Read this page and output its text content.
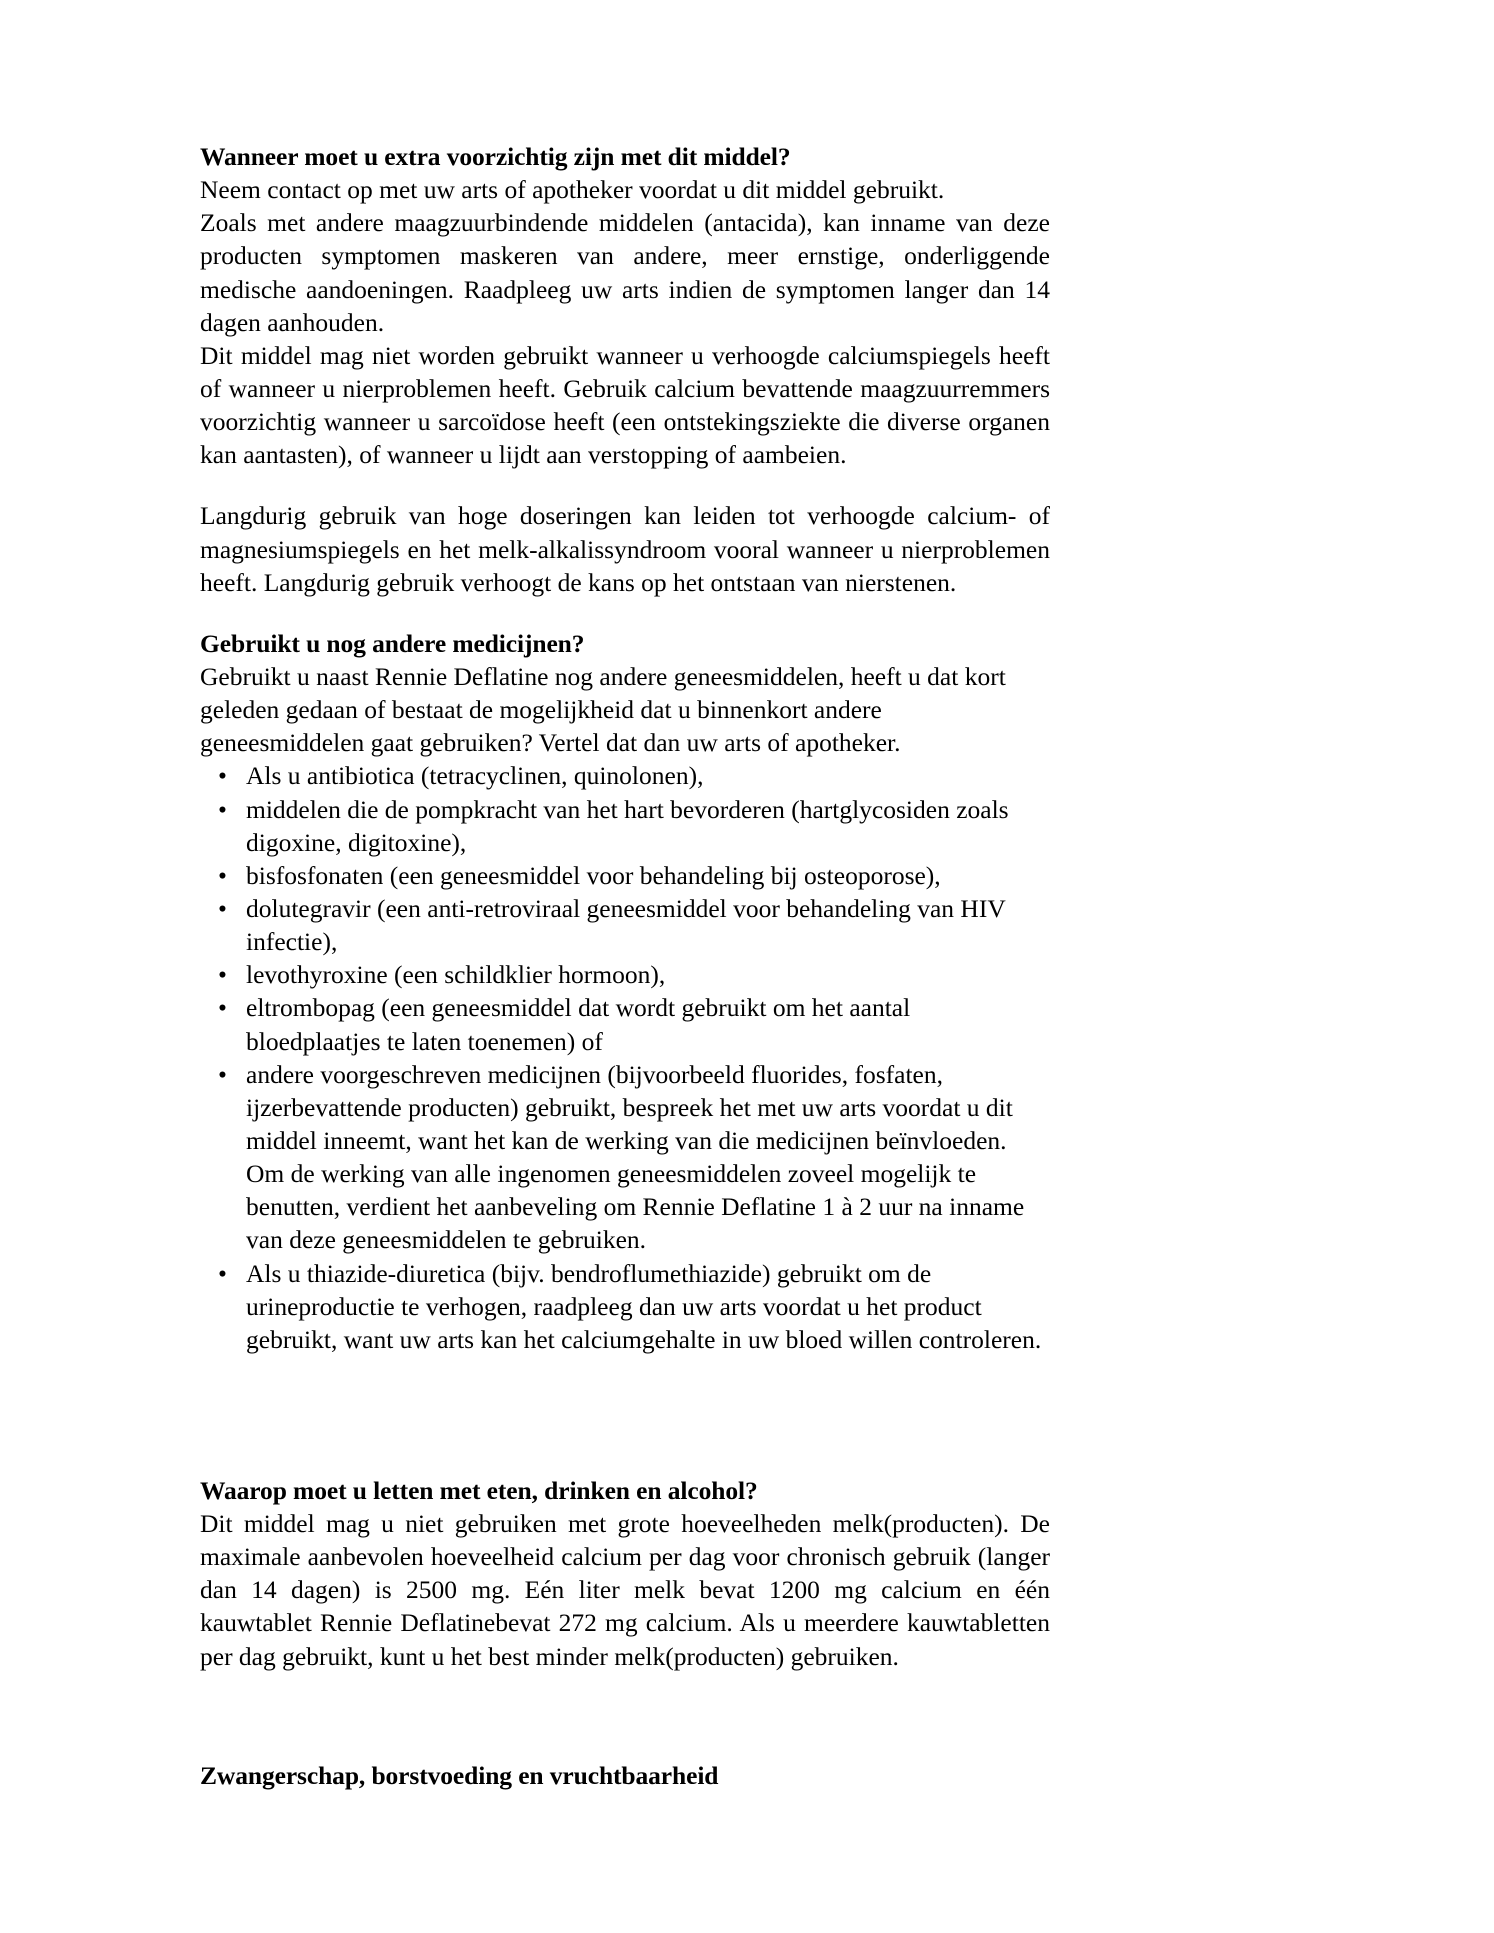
Wanneer moet u extra voorzichtig zijn met dit middel?

Neem contact op met uw arts of apotheker voordat u dit middel gebruikt.

Zoals met andere maagzuurbindende middelen (antacida), kan inname van deze producten symptomen maskeren van andere, meer ernstige, onderliggende medische aandoeningen. Raadpleeg uw arts indien de symptomen langer dan 14 dagen aanhouden.

Dit middel mag niet worden gebruikt wanneer u verhoogde calciumspiegels heeft of wanneer u nierproblemen heeft. Gebruik calcium bevattende maagzuurremmers voorzichtig wanneer u sarcoïdose heeft (een ontstekingsziekte die diverse organen kan aantasten), of wanneer u lijdt aan verstopping of aambeien.

Langdurig gebruik van hoge doseringen kan leiden tot verhoogde calcium- of magnesiumspiegels en het melk-alkalissyndroom vooral wanneer u nierproblemen heeft. Langdurig gebruik verhoogt de kans op het ontstaan van nierstenen.

Gebruikt u nog andere medicijnen?

Gebruikt u naast Rennie Deflatine nog andere geneesmiddelen, heeft u dat kort geleden gedaan of bestaat de mogelijkheid dat u binnenkort andere geneesmiddelen gaat gebruiken? Vertel dat dan uw arts of apotheker.

• Als u antibiotica (tetracyclinen, quinolonen),
• middelen die de pompkracht van het hart bevorderen (hartglycosiden zoals digoxine, digitoxine),
• bisfosfonaten (een geneesmiddel voor behandeling bij osteoporose),
• dolutegravir (een anti-retroviraal geneesmiddel voor behandeling van HIV infectie),
• levothyroxine (een schildklier hormoon),
• eltrombopag (een geneesmiddel dat wordt gebruikt om het aantal bloedplaatjes te laten toenemen) of
• andere voorgeschreven medicijnen (bijvoorbeeld fluorides, fosfaten, ijzerbevattende producten) gebruikt, bespreek het met uw arts voordat u dit middel inneemt, want het kan de werking van die medicijnen beïnvloeden. Om de werking van alle ingenomen geneesmiddelen zoveel mogelijk te benutten, verdient het aanbeveling om Rennie Deflatine 1 à 2 uur na inname van deze geneesmiddelen te gebruiken.
• Als u thiazide-diuretica (bijv. bendroflumethiazide) gebruikt om de urineproductie te verhogen, raadpleeg dan uw arts voordat u het product gebruikt, want uw arts kan het calciumgehalte in uw bloed willen controleren.
Waarop moet u letten met eten, drinken en alcohol?

Dit middel mag u niet gebruiken met grote hoeveelheden melk(producten). De maximale aanbevolen hoeveelheid calcium per dag voor chronisch gebruik (langer dan 14 dagen) is 2500 mg. Eén liter melk bevat 1200 mg calcium en één kauwtablet Rennie Deflatinebevat 272 mg calcium. Als u meerdere kauwtabletten per dag gebruikt, kunt u het best minder melk(producten) gebruiken.

Zwangerschap, borstvoeding en vruchtbaarheid
